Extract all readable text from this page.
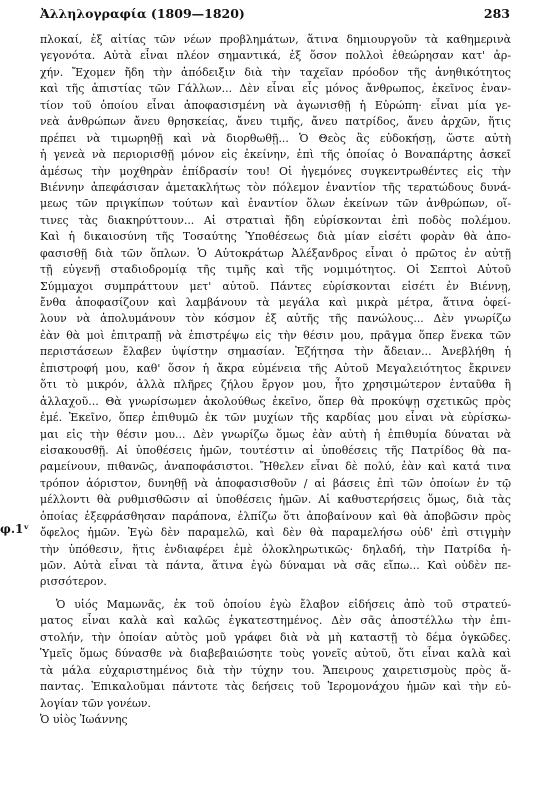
Ἀλληλογραφία (1809—1820)	283
φ.1ᵛ
πλοκαί, ἐξ αἰτίας τῶν νέων προβλημάτων, ἅτινα δημιουργοῦν τὰ καθημερινὰ
γεγονότα. Αὐτὰ εἶναι πλέον σημαντικά, ἐξ ὅσον πολλοὶ ἐθεώρησαν κατ' ἀρ-
χήν. Ἔχομεν ἤδη τὴν ἀπόδειξιν διὰ τὴν ταχεῖαν πρόοδον τῆς ἀνηθικότητος
καὶ τῆς ἀπιστίας τῶν Γάλλων... Δὲν εἶναι εἷς μόνος ἄνθρωπος, ἐκεῖνος ἐναν-
τίον τοῦ ὁποίου εἶναι ἀποφασισμένη νὰ ἀγωνισθῇ ἡ Εὐρώπη· εἶναι μία γε-
νεὰ ἀνθρώπων ἄνευ θρησκείας, ἄνευ τιμῆς, ἄνευ πατρίδος, ἄνευ ἀρχῶν, ἥτις
πρέπει νὰ τιμωρηθῇ καὶ νὰ διορθωθῇ... Ὁ Θεὸς ἂς εὐδοκήσῃ, ὥστε αὐτὴ
ἡ γενεὰ νὰ περιορισθῇ μόνον εἰς ἐκείνην, ἐπὶ τῆς ὁποίας ὁ Βοναπάρτης ἀσκεῖ
ἀμέσως τὴν μοχθηρὰν ἐπίδρασίν του! Οἱ ἡγεμόνες συγκεντρωθέντες εἰς τὴν
Βιέννην ἀπεφάσισαν ἀμετακλήτως τὸν πόλεμον ἐναντίον τῆς τερατώδους δυνά-
μεως τῶν πριγκίπων τούτων καὶ ἐναντίον ὅλων ἐκείνων τῶν ἀνθρώπων, οἵ-
τινες τὰς διακηρύττουν... Αἱ στρατιαὶ ἤδη εὑρίσκονται ἐπὶ ποδὸς πολέμου.
Καὶ ἡ δικαιοσύνη τῆς Τοσαύτης Ὑποθέσεως διὰ μίαν εἰσέτι φορὰν θὰ ἀπο-
φασισθῇ διὰ τῶν ὅπλων. Ὁ Αὐτοκράτωρ Ἀλέξανδρος εἶναι ὁ πρῶτος ἐν αὐτῇ
τῇ εὐγενῇ σταδιοδρομίᾳ τῆς τιμῆς καὶ τῆς νομιμότητος. Οἱ Σεπτοὶ Αὐτοῦ
Σύμμαχοι συμπράττουν μετ' αὐτοῦ. Πάντες εὑρίσκονται εἰσέτι ἐν Βιέννῃ,
ἔνθα ἀποφασίζουν καὶ λαμβάνουν τὰ μεγάλα καὶ μικρὰ μέτρα, ἅτινα ὀφεί-
λουν νὰ ἀπολυμάνουν τὸν κόσμον ἐξ αὐτῆς τῆς πανώλους... Δὲν γνωρίζω
ἐὰν θὰ μοὶ ἐπιτραπῇ νὰ ἐπιστρέψω εἰς τὴν θέσιν μου, πρᾶγμα ὅπερ ἕνεκα τῶν
περιστάσεων ἔλαβεν ὑψίστην σημασίαν. Ἐζήτησα τὴν ἄδειαν... Ἀνεβλήθη ἡ
ἐπιστροφή μου, καθ' ὅσον ἡ ἄκρα εὐμένεια τῆς Αὐτοῦ Μεγαλειότητος ἔκρινεν
ὅτι τὸ μικρόν, ἀλλὰ πλῆρες ζήλου ἔργον μου, ἦτο χρησιμώτερον ἐνταῦθα ἢ
ἀλλαχοῦ... Θὰ γνωρίσωμεν ἀκολούθως ἐκεῖνο, ὅπερ θὰ προκύψῃ σχετικῶς πρὸς
ἐμέ. Ἐκεῖνο, ὅπερ ἐπιθυμῶ ἐκ τῶν μυχίων τῆς καρδίας μου εἶναι νὰ εὑρίσκω-
μαι εἰς τὴν θέσιν μου... Δὲν γνωρίζω ὅμως ἐὰν αὐτὴ ἡ ἐπιθυμία δύναται νὰ
εἰσακουσθῇ. Αἱ ὑποθέσεις ἡμῶν, τουτέστιν αἱ ὑποθέσεις τῆς Πατρίδος θὰ πα-
ραμείνουν, πιθανῶς, ἀναποφάσιστοι. Ἤθελεν εἶναι δὲ πολύ, ἐὰν καὶ κατά τινα
τρόπον ἀόριστον, δυνηθῇ νὰ ἀποφασισθοῦν / αἱ βάσεις ἐπὶ τῶν ὁποίων ἐν τῷ
μέλλοντι θὰ ρυθμισθῶσιν αἱ ὑποθέσεις ἡμῶν. Αἱ καθυστερήσεις ὅμως, διὰ τὰς
ὁποίας ἐξεφράσθησαν παράπονα, ἐλπίζω ὅτι ἀποβαίνουν καὶ θὰ ἀποβῶσιν πρὸς
ὄφελος ἡμῶν. Ἐγὼ δὲν παραμελῶ, καὶ δὲν θὰ παραμελήσω οὐδ' ἐπὶ στιγμὴν
τὴν ὑπόθεσιν, ἥτις ἐνδιαφέρει ἐμὲ ὁλοκληρωτικῶς· δηλαδή, τὴν Πατρίδα ἡ-
μῶν. Αὐτὰ εἶναι τὰ πάντα, ἅτινα ἐγὼ δύναμαι νὰ σᾶς εἴπω... Καὶ οὐδὲν πε-
ρισσότερον.
Ὁ υἱός Μαμωνᾶς, ἐκ τοῦ ὁποίου ἐγὼ ἔλαβον εἰδήσεις ἀπὸ τοῦ στρατεύ-
ματος εἶναι καλὰ καὶ καλῶς ἐγκατεστημένος. Δὲν σᾶς ἀποστέλλω τὴν ἐπι-
στολήν, τὴν ὁποίαν αὐτὸς μοῦ γράφει διὰ νὰ μὴ καταστῇ τὸ δέμα ὀγκῶδες.
Ὑμεῖς ὅμως δύνασθε νὰ διαβεβαιώσητε τοὺς γονεῖς αὐτοῦ, ὅτι εἶναι καλὰ καὶ
τὰ μάλα εὐχαριστημένος διὰ τὴν τύχην του. Ἄπειρους χαιρετισμοὺς πρὸς ἅ-
παντας. Ἐπικαλοῦμαι πάντοτε τὰς δεήσεις τοῦ Ἱερομονάχου ἡμῶν καὶ τὴν εὐ-
λογίαν τῶν γονέων.
Ὁ υἱὸς Ἰωάννης
